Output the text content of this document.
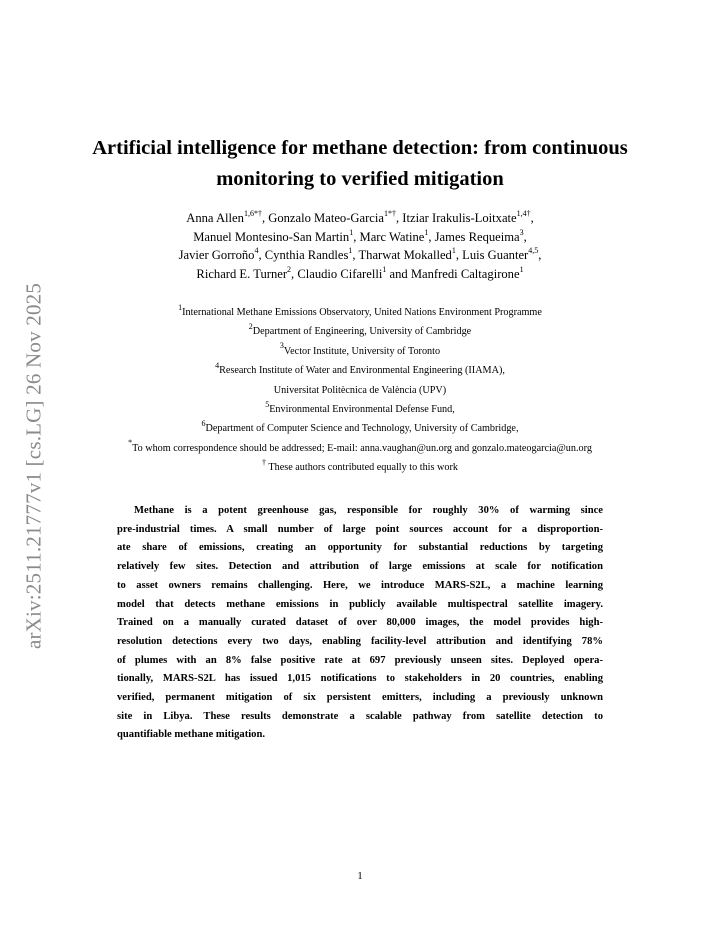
arXiv:2511.21777v1 [cs.LG] 26 Nov 2025
Artificial intelligence for methane detection: from continuous
monitoring to verified mitigation
Anna Allen$^{1,6*\dagger}$, Gonzalo Mateo-Garcia$^{1*\dagger}$, Itziar Irakulis-Loitxate$^{1,4\dagger}$,
Manuel Montesino-San Martin$^1$, Marc Watine$^1$, James Requeima$^3$,
Javier Gorroño$^4$, Cynthia Randles$^1$, Tharwat Mokalled$^1$, Luis Guanter$^{4,5}$,
Richard E. Turner$^2$, Claudio Cifarelli$^1$ and Manfredi Caltagirone$^1$
$^1$International Methane Emissions Observatory, United Nations Environment Programme
$^2$Department of Engineering, University of Cambridge
$^3$Vector Institute, University of Toronto
$^4$Research Institute of Water and Environmental Engineering (IIAMA),
Universitat Politècnica de València (UPV)
$^5$Environmental Environmental Defense Fund,
$^6$Department of Computer Science and Technology, University of Cambridge,
*To whom correspondence should be addressed; E-mail: anna.vaughan@un.org and gonzalo.mateogarcia@un.org
† These authors contributed equally to this work
Methane is a potent greenhouse gas, responsible for roughly 30% of warming since
pre-industrial times. A small number of large point sources account for a disproportion-
ate share of emissions, creating an opportunity for substantial reductions by targeting
relatively few sites. Detection and attribution of large emissions at scale for notification
to asset owners remains challenging. Here, we introduce MARS-S2L, a machine learning
model that detects methane emissions in publicly available multispectral satellite imagery.
Trained on a manually curated dataset of over 80,000 images, the model provides high-
resolution detections every two days, enabling facility-level attribution and identifying 78%
of plumes with an 8% false positive rate at 697 previously unseen sites. Deployed opera-
tionally, MARS-S2L has issued 1,015 notifications to stakeholders in 20 countries, enabling
verified, permanent mitigation of six persistent emitters, including a previously unknown
site in Libya. These results demonstrate a scalable pathway from satellite detection to
quantifiable methane mitigation.
1
